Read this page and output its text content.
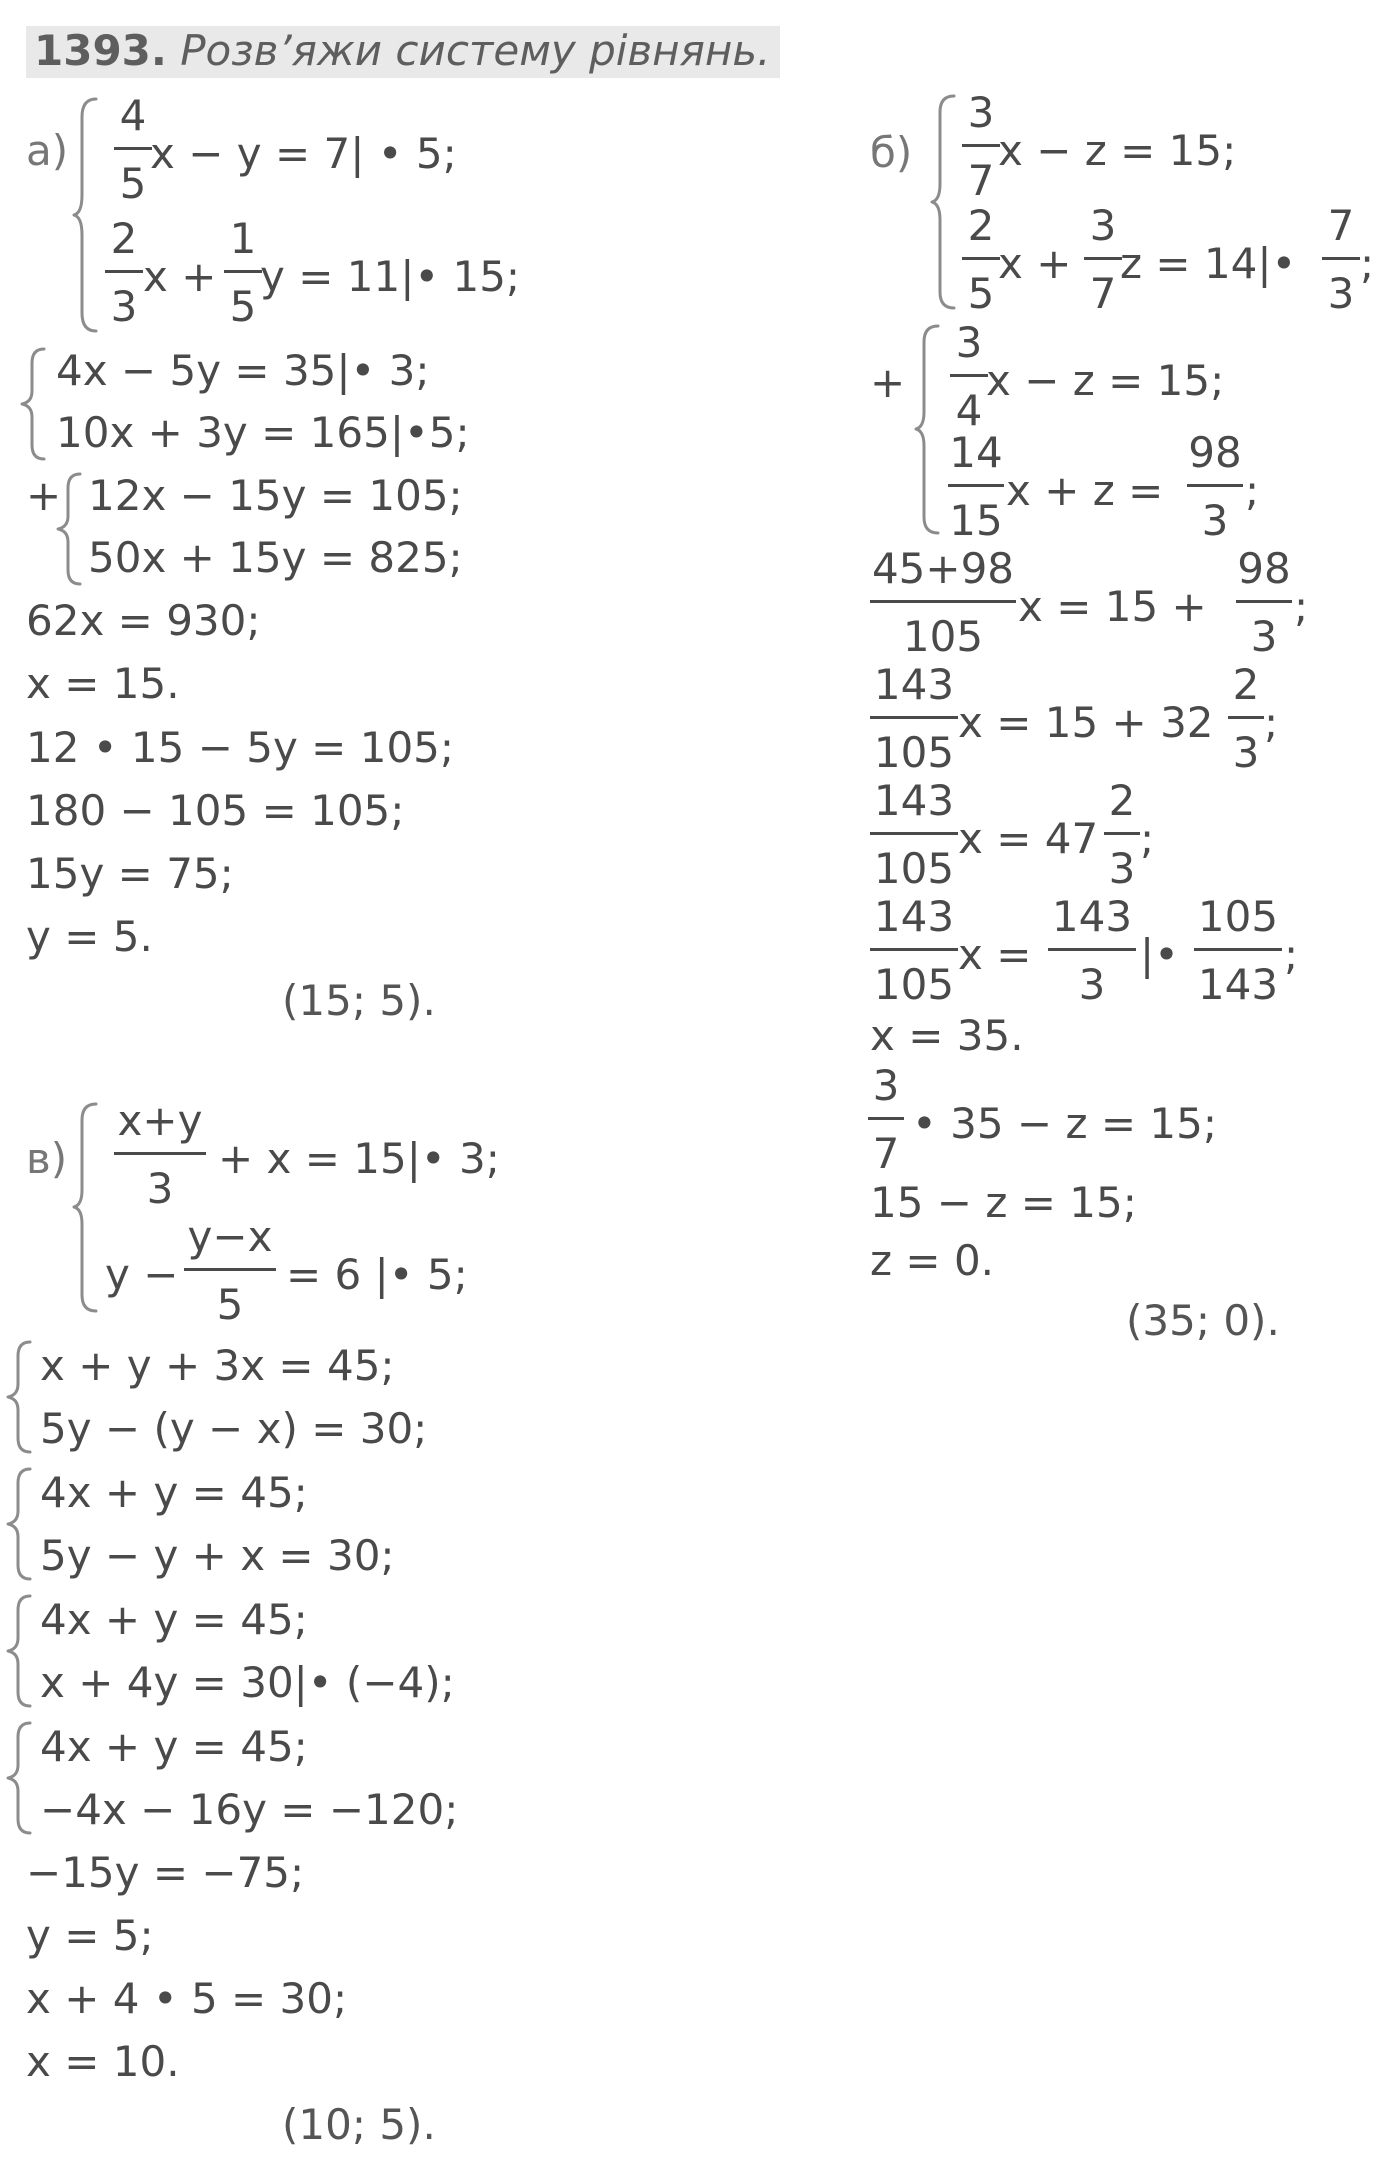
1393. Розв’яжи систему рівнянь.
а)
4
5
x − y = 7| • 5;
2
3
x +
1
5
y = 11|• 15;
4x − 5y = 35|• 3;
10x + 3y = 165|•5;
+ 12x − 15y = 105;
50x + 15y = 825;
62x = 930;
x = 15.
12 • 15 − 5y = 105;
180 − 105 = 105;
15y = 75;
y = 5.
(15; 5).
б)
3
7
x − z = 15;
2
5
x +
3
7
z = 14|•
7
3
;
+
3
4
x − z = 15;
14
15
x + z =
98
3
;
45+98
105
x = 15 +
98
3
;
143
105
x = 15 + 32
2
3
;
143
105
x = 47
2
3
;
143
105
x =
143
3
|•
105
143
;
x = 35.
3
7
• 35 − z = 15;
15 − z = 15;
z = 0.
(35; 0).
в)
x+y
3
+ x = 15|• 3;
y −
y−x
5
= 6 |• 5;
x + y + 3x = 45;
5y − (y − x) = 30;
4x + y = 45;
5y − y + x = 30;
4x + y = 45;
x + 4y = 30|• (−4);
4x + y = 45;
−4x − 16y = −120;
−15y = −75;
y = 5;
x + 4 • 5 = 30;
x = 10.
(10; 5).
